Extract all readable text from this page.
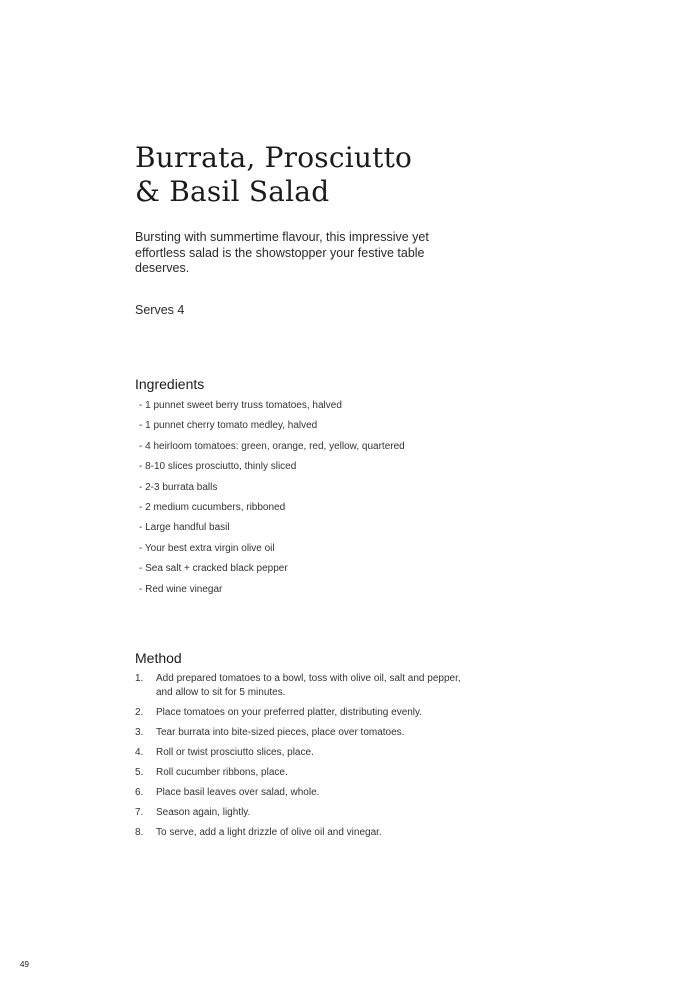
Burrata, Prosciutto
& Basil Salad

Bursting with summertime flavour, this impressive yet effortless salad is the showstopper your festive table deserves.

Serves 4

Ingredients
- 1 punnet sweet berry truss tomatoes, halved
- 1 punnet cherry tomato medley, halved
- 4 heirloom tomatoes: green, orange, red, yellow, quartered
- 8-10 slices prosciutto, thinly sliced
- 2-3 burrata balls
- 2 medium cucumbers, ribboned
- Large handful basil
- Your best extra virgin olive oil
- Sea salt + cracked black pepper
- Red wine vinegar
Method
1.	Add prepared tomatoes to a bowl, toss with olive oil, salt and pepper, and allow to sit for 5 minutes.
2.	Place tomatoes on your preferred platter, distributing evenly.
3.	Tear burrata into bite-sized pieces, place over tomatoes.
4.	Roll or twist prosciutto slices, place.
5.	Roll cucumber ribbons, place.
6.	Place basil leaves over salad, whole.
7.	Season again, lightly.
8.	To serve, add a light drizzle of olive oil and vinegar.
49
